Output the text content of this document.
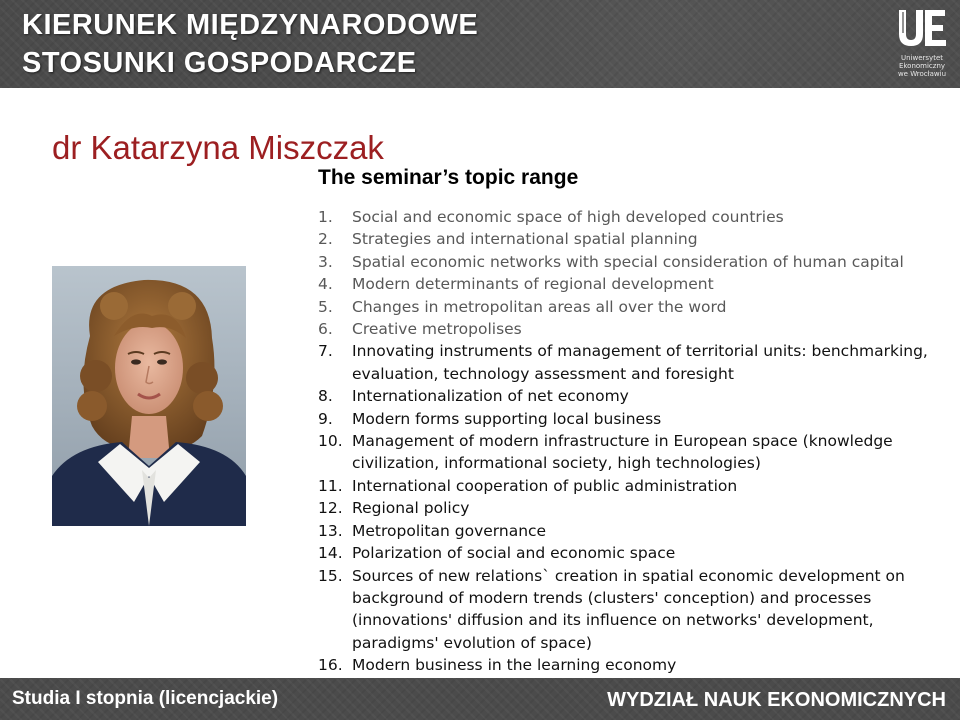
KIERUNEK MIĘDZYNARODOWE
STOSUNKI GOSPODARCZE	Uniwersytet
Ekonomiczny
we Wrocławiu
dr Katarzyna Miszczak
The seminar’s topic range
1. Social and economic space of high developed countries
2. Strategies and international spatial planning
3. Spatial economic networks with special consideration of human capital
4. Modern determinants of regional development
5. Changes in metropolitan areas all over the word
6. Creative metropolises
7. Innovating instruments of management of territorial units: benchmarking, evaluation, technology assessment and foresight
8. Internationalization of net economy
9. Modern forms supporting local business
10. Management of modern infrastructure in European space (knowledge civilization, informational society, high technologies)
11. International cooperation of public administration
12. Regional policy
13. Metropolitan governance
14. Polarization of social and economic space
15. Sources of new relations` creation in spatial economic development on background of modern trends (clusters' conception) and processes (innovations' diffusion and its influence on networks' development, paradigms' evolution of space)
16. Modern business in the learning economy
Studia I stopnia (licencjackie)	WYDZIAŁ NAUK EKONOMICZNYCH
